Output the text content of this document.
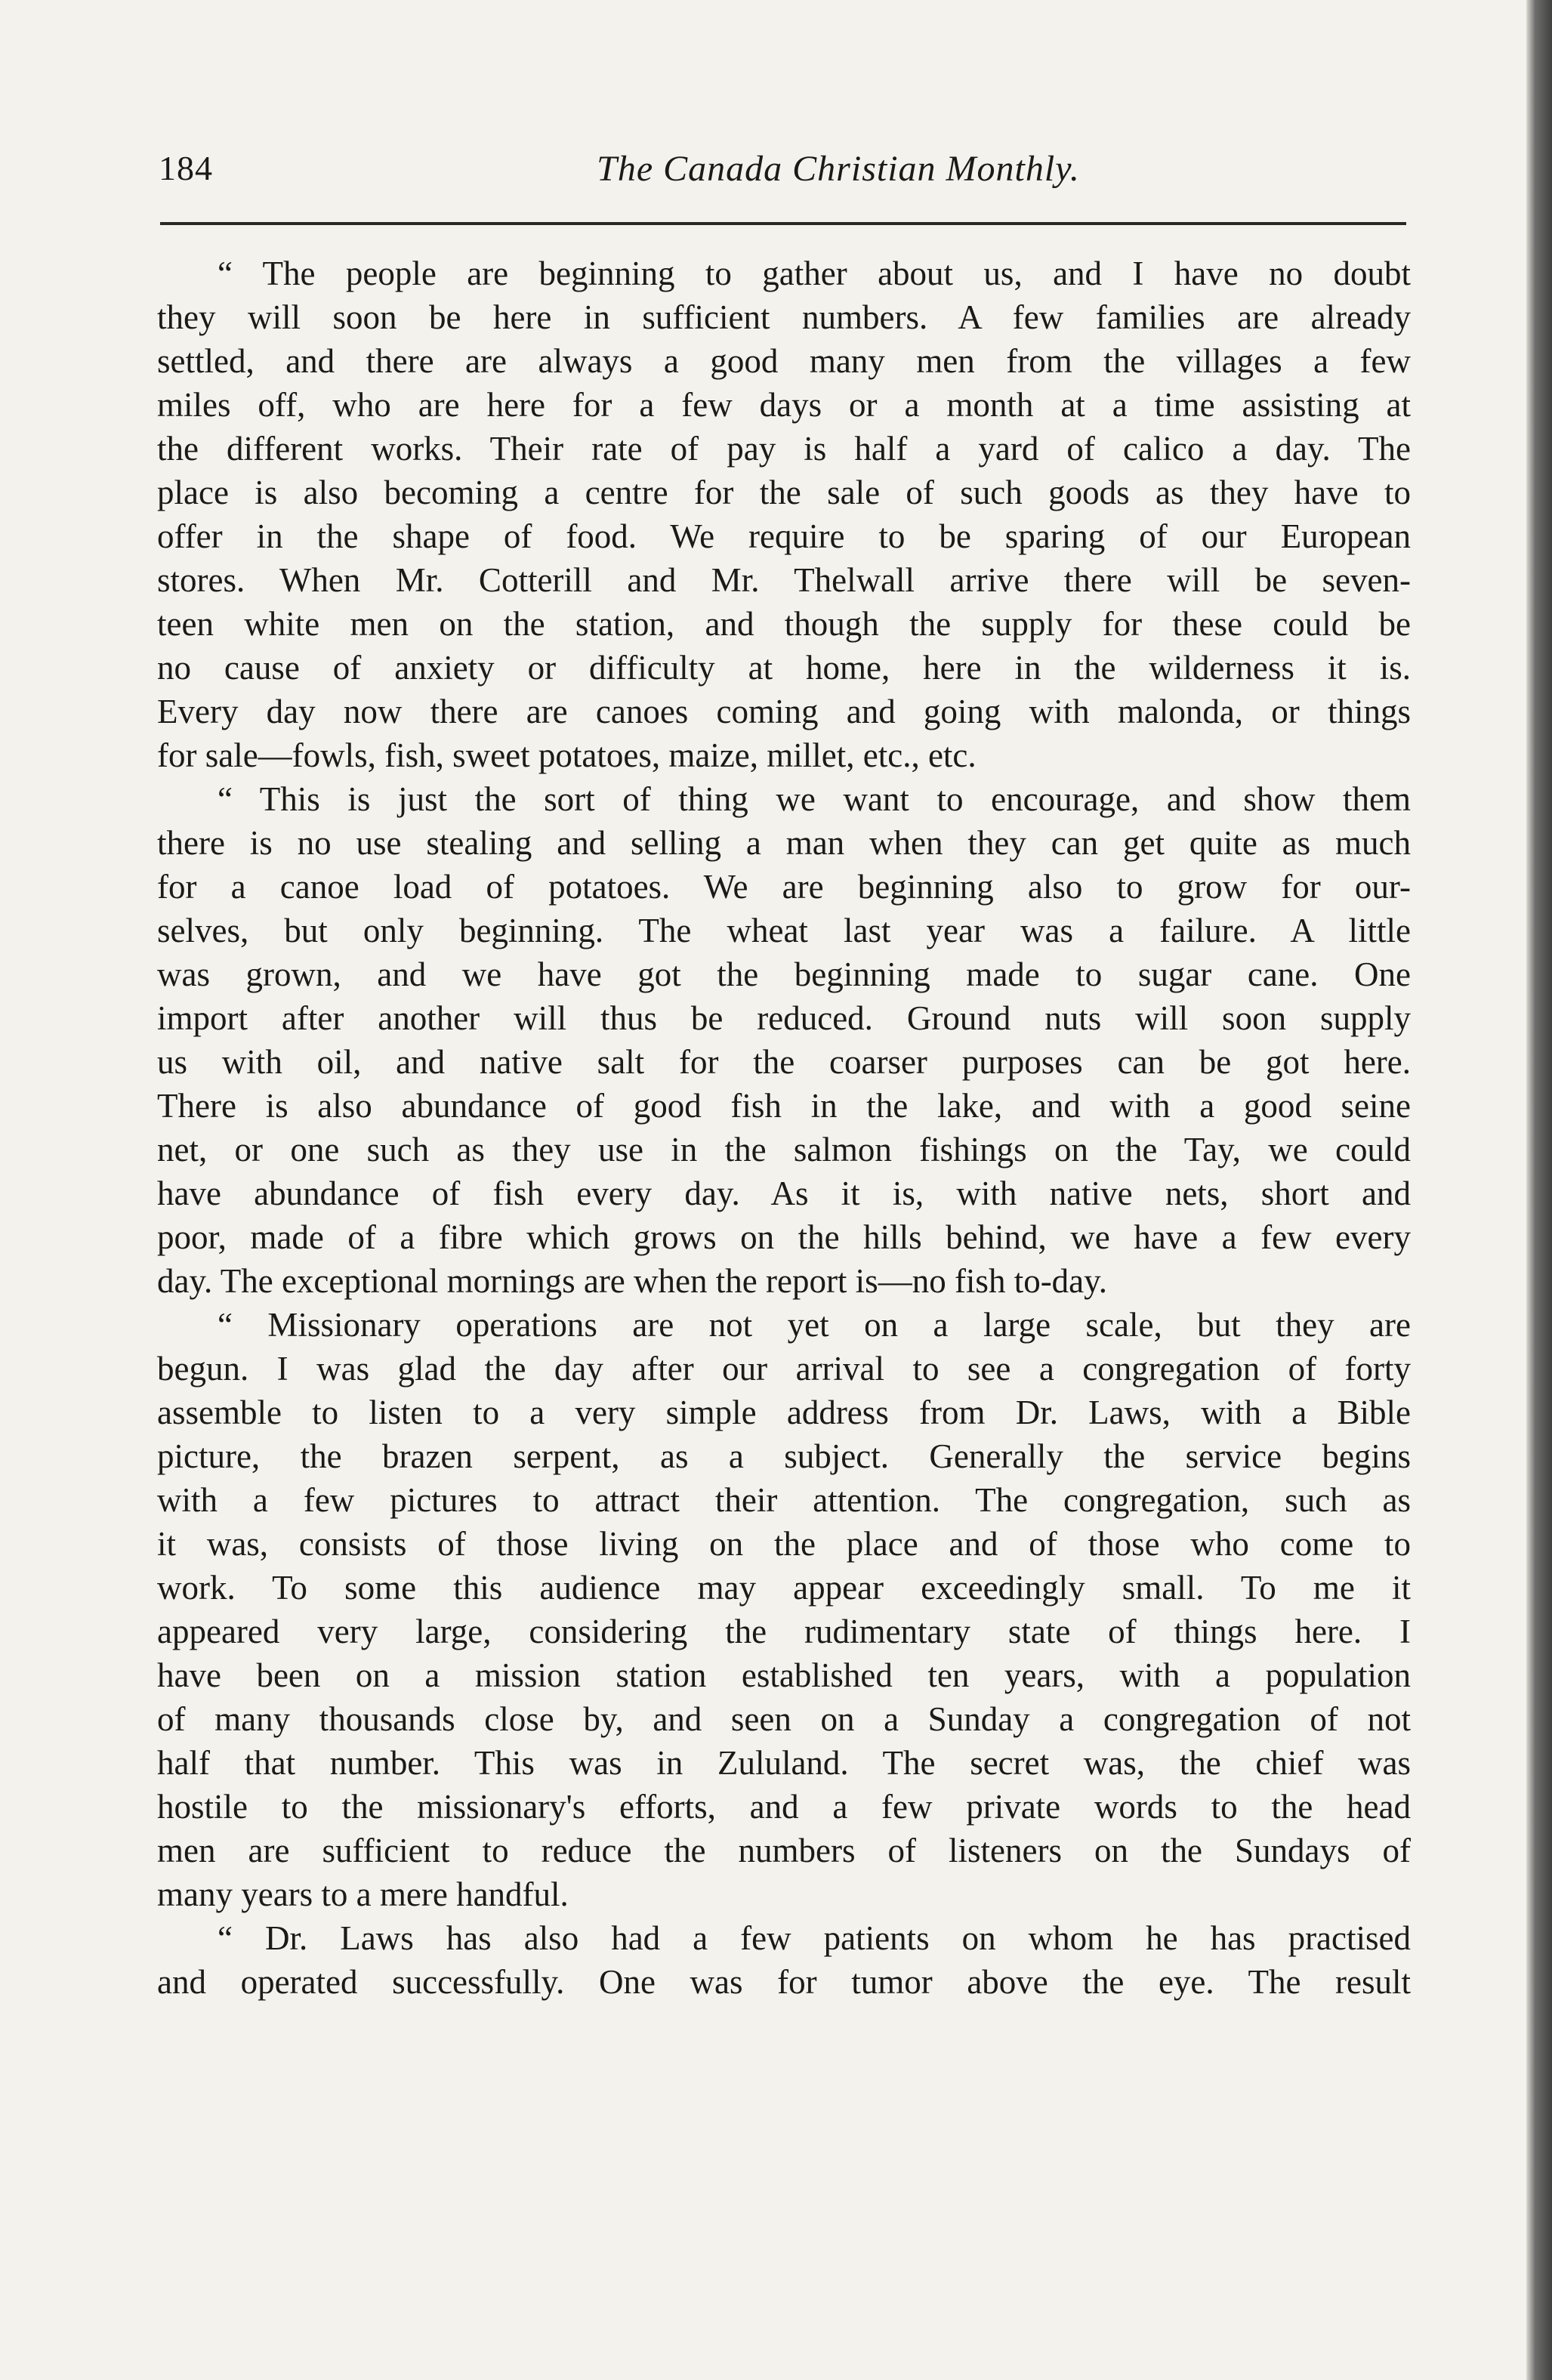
184	The Canada Christian Monthly.
“ The people are beginning to gather about us, and I have no doubt
they will soon be here in sufficient numbers. A few families are already
settled, and there are always a good many men from the villages a few
miles off, who are here for a few days or a month at a time assisting at
the different works. Their rate of pay is half a yard of calico a day. The
place is also becoming a centre for the sale of such goods as they have to
offer in the shape of food. We require to be sparing of our European
stores. When Mr. Cotterill and Mr. Thelwall arrive there will be seven-
teen white men on the station, and though the supply for these could be
no cause of anxiety or difficulty at home, here in the wilderness it is.
Every day now there are canoes coming and going with malonda, or things
for sale—fowls, fish, sweet potatoes, maize, millet, etc., etc.
“ This is just the sort of thing we want to encourage, and show them
there is no use stealing and selling a man when they can get quite as much
for a canoe load of potatoes. We are beginning also to grow for our-
selves, but only beginning. The wheat last year was a failure. A little
was grown, and we have got the beginning made to sugar cane. One
import after another will thus be reduced. Ground nuts will soon supply
us with oil, and native salt for the coarser purposes can be got here.
There is also abundance of good fish in the lake, and with a good seine
net, or one such as they use in the salmon fishings on the Tay, we could
have abundance of fish every day. As it is, with native nets, short and
poor, made of a fibre which grows on the hills behind, we have a few every
day. The exceptional mornings are when the report is—no fish to-day.
“ Missionary operations are not yet on a large scale, but they are
begun. I was glad the day after our arrival to see a congregation of forty
assemble to listen to a very simple address from Dr. Laws, with a Bible
picture, the brazen serpent, as a subject. Generally the service begins
with a few pictures to attract their attention. The congregation, such as
it was, consists of those living on the place and of those who come to
work. To some this audience may appear exceedingly small. To me it
appeared very large, considering the rudimentary state of things here. I
have been on a mission station established ten years, with a population
of many thousands close by, and seen on a Sunday a congregation of not
half that number. This was in Zululand. The secret was, the chief was
hostile to the missionary's efforts, and a few private words to the head
men are sufficient to reduce the numbers of listeners on the Sundays of
many years to a mere handful.
“ Dr. Laws has also had a few patients on whom he has practised
and operated successfully. One was for tumor above the eye. The result
